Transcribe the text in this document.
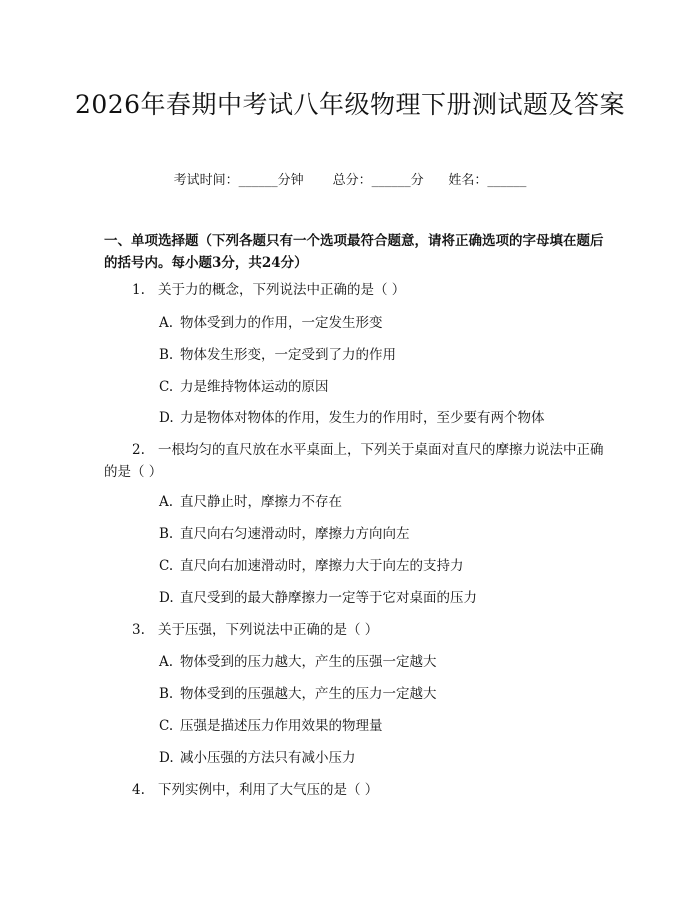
2026年春期中考试八年级物理下册测试题及答案
考试时间：______分钟 总分：______分 姓名：______
一、单项选择题（下列各题只有一个选项最符合题意，请将正确选项的字母填在题后的括号内。每小题3分，共24分）
1. 关于力的概念，下列说法中正确的是（ ）
A. 物体受到力的作用，一定发生形变
B. 物体发生形变，一定受到了力的作用
C. 力是维持物体运动的原因
D. 力是物体对物体的作用，发生力的作用时，至少要有两个物体
2. 一根均匀的直尺放在水平桌面上，下列关于桌面对直尺的摩擦力说法中正确的是（ ）
A. 直尺静止时，摩擦力不存在
B. 直尺向右匀速滑动时，摩擦力方向向左
C. 直尺向右加速滑动时，摩擦力大于向左的支持力
D. 直尺受到的最大静摩擦力一定等于它对桌面的压力
3. 关于压强，下列说法中正确的是（ ）
A. 物体受到的压力越大，产生的压强一定越大
B. 物体受到的压强越大，产生的压力一定越大
C. 压强是描述压力作用效果的物理量
D. 减小压强的方法只有减小压力
4. 下列实例中，利用了大气压的是（ ）
